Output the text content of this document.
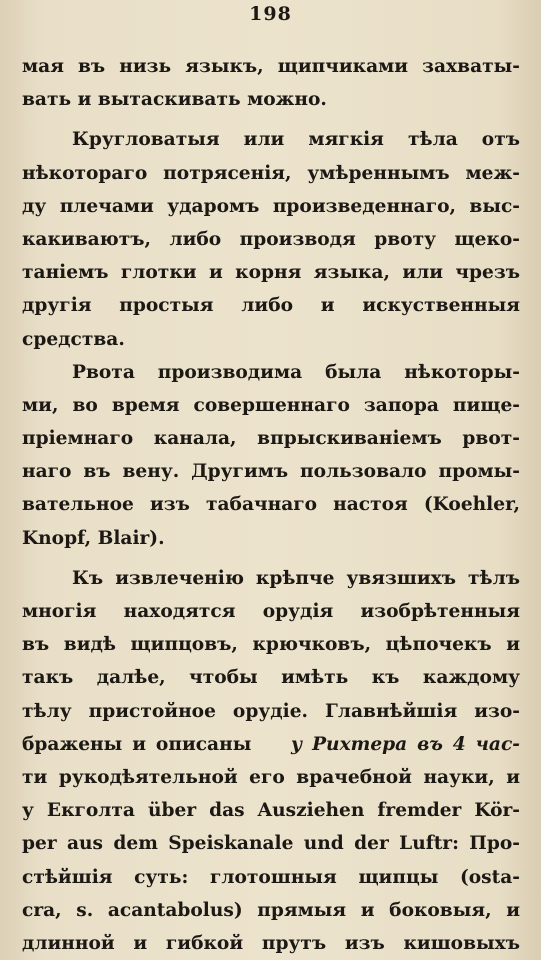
198
мая въ низь языкъ, щипчиками захваты-
вать и вытаскивать можно.
Кругловатыя или мягкія тѣла отъ
нѣкотораго потрясенія, умѣреннымъ меж-
ду плечами ударомъ произведеннаго, выс-
какиваютъ, либо производя рвоту щеко-
таніемъ глотки и корня языка, или чрезъ
другія простыя либо и искуственныя
средства.
Рвота производима была нѣкоторы-
ми, во время совершеннаго запора пище-
пріемнаго канала, впрыскиваніемъ рвот-
наго въ вену. Другимъ пользовало промы-
вательное изъ табачнаго настоя (Koehler,
Knopf, Blair).
Къ извлеченію крѣпче увязшихъ тѣлъ
многія находятся орудія изобрѣтенныя
въ видѣ щипцовъ, крючковъ, цѣпочекъ и
такъ далѣе, чтобы имѣть къ каждому
тѣлу пристойное орудіе. Главнѣйшія изо-
бражены и описаны у Рихтера въ 4 час-
ти рукодѣятельной его врачебной науки, и
у Екголта über das Ausziehen fremder Kör-
per aus dem Speiskanale und der Luftr: Про-
стѣйшія суть: глотошныя щипцы (osta-
cra, s. acantabolus) прямыя и боковыя, и
длинной и гибкой прутъ изъ кишовыхъ
